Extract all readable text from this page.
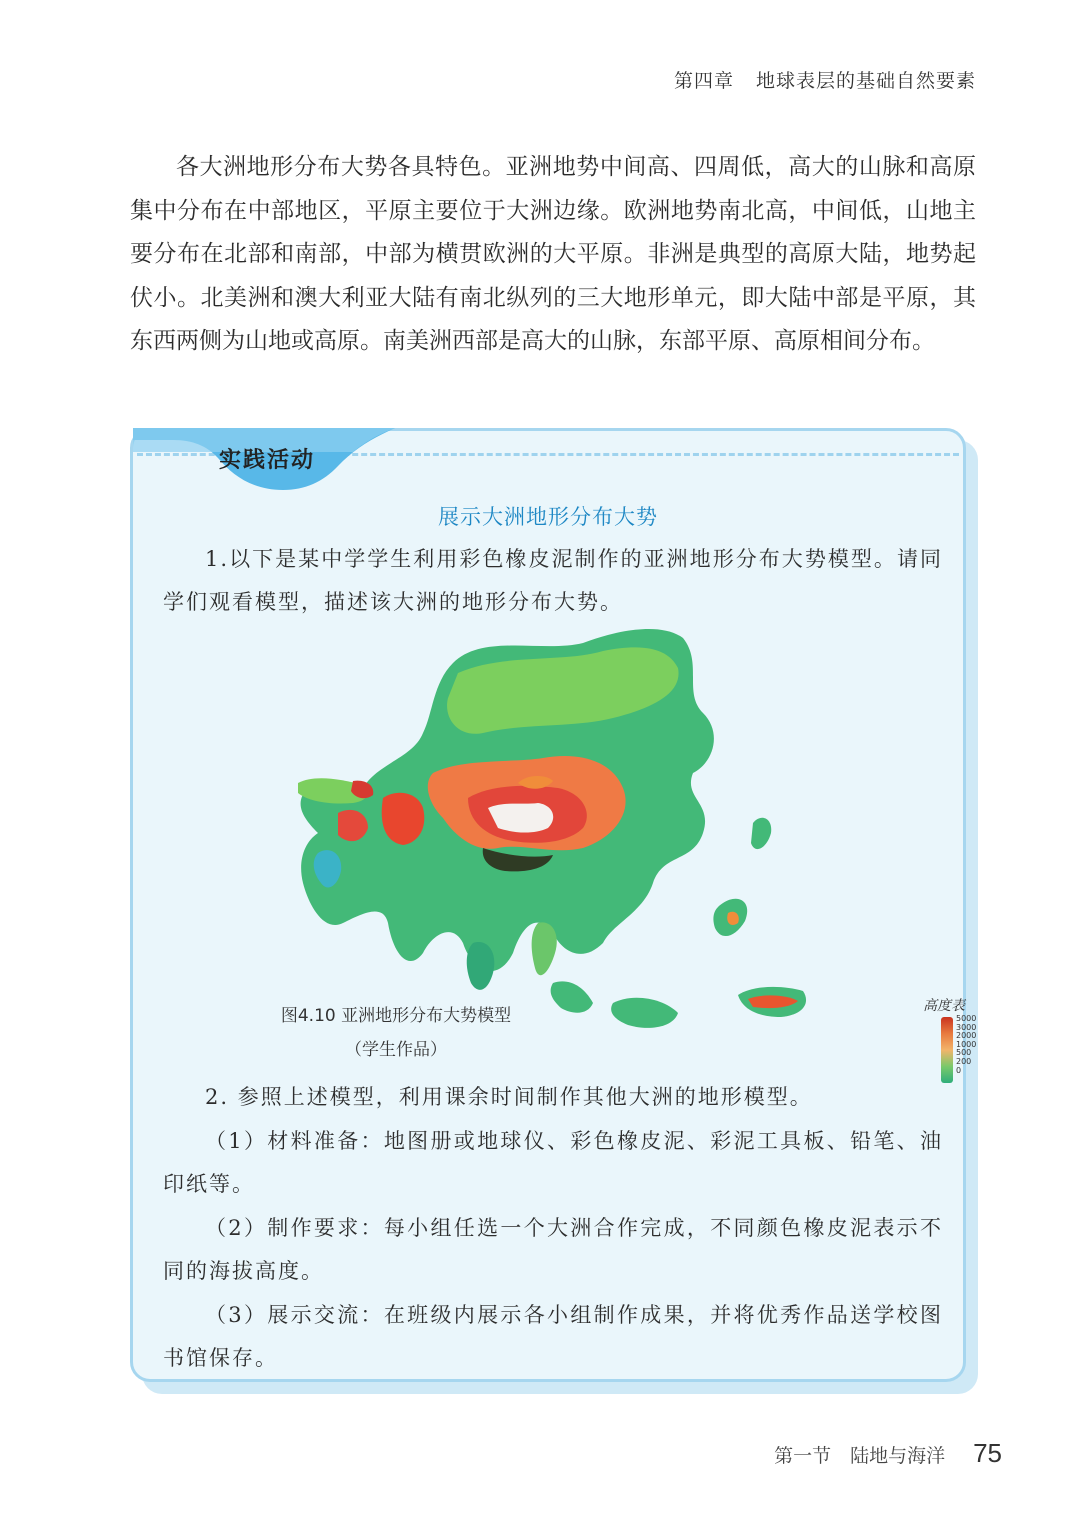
第四章 地球表层的基础自然要素
各大洲地形分布大势各具特色。亚洲地势中间高、四周低，高大的山脉和高原集中分布在中部地区，平原主要位于大洲边缘。欧洲地势南北高，中间低，山地主要分布在北部和南部，中部为横贯欧洲的大平原。非洲是典型的高原大陆，地势起伏小。北美洲和澳大利亚大陆有南北纵列的三大地形单元，即大陆中部是平原，其东西两侧为山地或高原。南美洲西部是高大的山脉，东部平原、高原相间分布。
实践活动
展示大洲地形分布大势
1.以下是某中学学生利用彩色橡皮泥制作的亚洲地形分布大势模型。请同学们观看模型，描述该大洲的地形分布大势。
高度表
5000
3000
2000
1000
500
200
0
图4.10 亚洲地形分布大势模型
（学生作品）
2. 参照上述模型，利用课余时间制作其他大洲的地形模型。
（1）材料准备：地图册或地球仪、彩色橡皮泥、彩泥工具板、铅笔、油印纸等。
（2）制作要求：每小组任选一个大洲合作完成，不同颜色橡皮泥表示不同的海拔高度。
（3）展示交流：在班级内展示各小组制作成果，并将优秀作品送学校图书馆保存。
第一节　陆地与海洋 75
